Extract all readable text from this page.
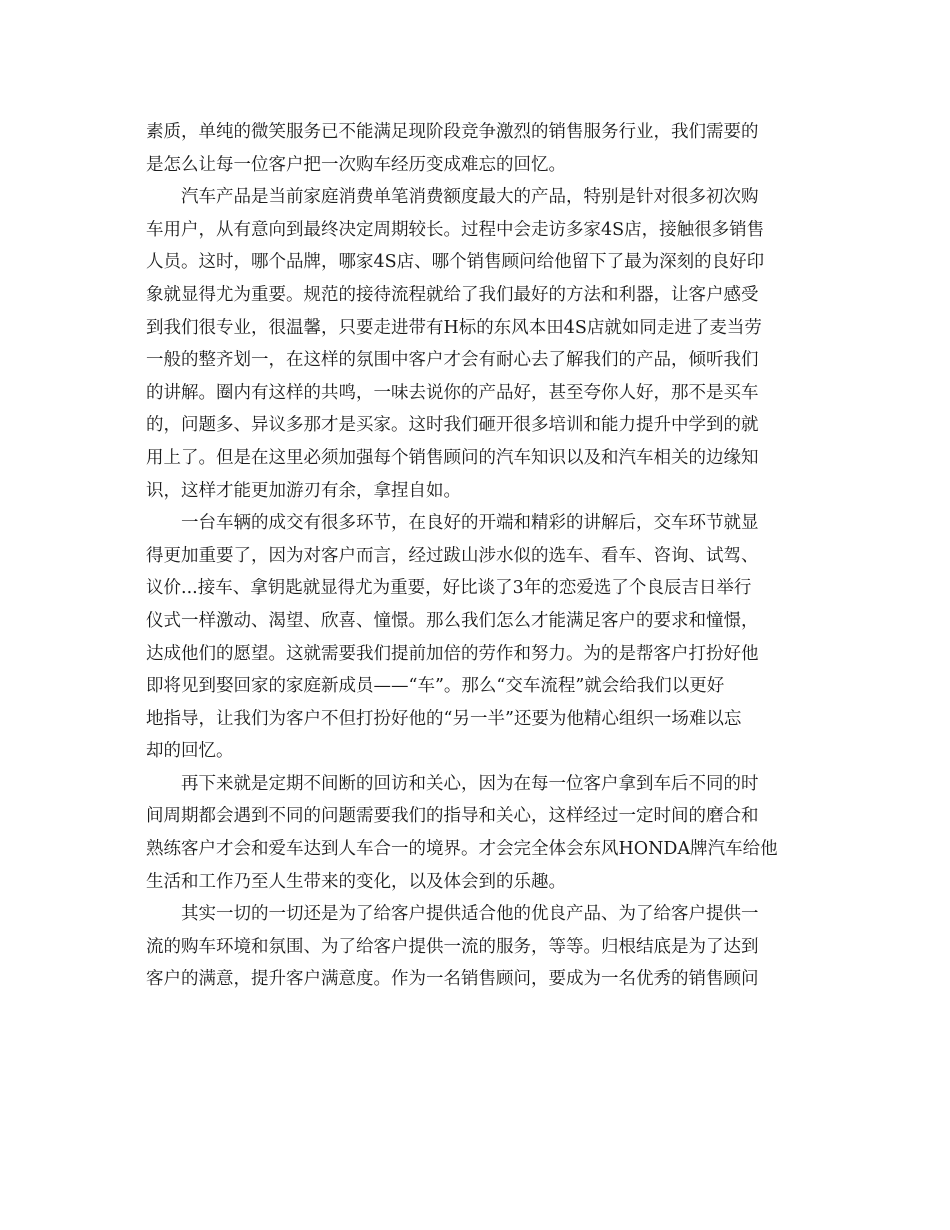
素质，单纯的微笑服务已不能满足现阶段竞争激烈的销售服务行业，我们需要的
是怎么让每一位客户把一次购车经历变成难忘的回忆。

汽车产品是当前家庭消费单笔消费额度最大的产品，特别是针对很多初次购
车用户，从有意向到最终决定周期较长。过程中会走访多家4S店，接触很多销售
人员。这时，哪个品牌，哪家4S店、哪个销售顾问给他留下了最为深刻的良好印
象就显得尤为重要。规范的接待流程就给了我们最好的方法和利器，让客户感受
到我们很专业，很温馨，只要走进带有H标的东风本田4S店就如同走进了麦当劳
一般的整齐划一，在这样的氛围中客户才会有耐心去了解我们的产品，倾听我们
的讲解。圈内有这样的共鸣，一味去说你的产品好，甚至夸你人好，那不是买车
的，问题多、异议多那才是买家。这时我们砸开很多培训和能力提升中学到的就
用上了。但是在这里必须加强每个销售顾问的汽车知识以及和汽车相关的边缘知
识，这样才能更加游刃有余，拿捏自如。

一台车辆的成交有很多环节，在良好的开端和精彩的讲解后，交车环节就显
得更加重要了，因为对客户而言，经过跋山涉水似的选车、看车、咨询、试驾、
议价...接车、拿钥匙就显得尤为重要，好比谈了3年的恋爱选了个良辰吉日举行
仪式一样激动、渴望、欣喜、憧憬。那么我们怎么才能满足客户的要求和憧憬，
达成他们的愿望。这就需要我们提前加倍的劳作和努力。为的是帮客户打扮好他
即将见到娶回家的家庭新成员——“车”。那么“交车流程”就会给我们以更好
地指导，让我们为客户不但打扮好他的“另一半”还要为他精心组织一场难以忘
却的回忆。

再下来就是定期不间断的回访和关心，因为在每一位客户拿到车后不同的时
间周期都会遇到不同的问题需要我们的指导和关心，这样经过一定时间的磨合和
熟练客户才会和爱车达到人车合一的境界。才会完全体会东风HONDA牌汽车给他
生活和工作乃至人生带来的变化，以及体会到的乐趣。

其实一切的一切还是为了给客户提供适合他的优良产品、为了给客户提供一
流的购车环境和氛围、为了给客户提供一流的服务，等等。归根结底是为了达到
客户的满意，提升客户满意度。作为一名销售顾问，要成为一名优秀的销售顾问
